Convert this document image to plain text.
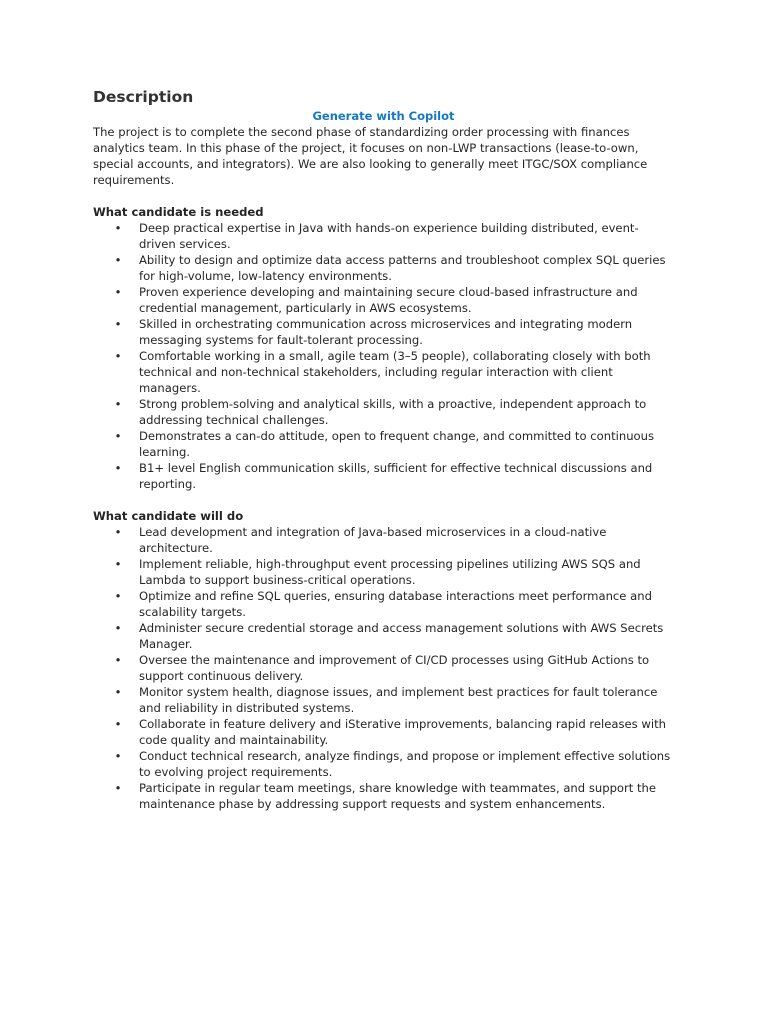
Description
Generate with Copilot

The project is to complete the second phase of standardizing order processing with finances analytics team. In this phase of the project, it focuses on non-LWP transactions (lease-to-own, special accounts, and integrators). We are also looking to generally meet ITGC/SOX compliance requirements.

What candidate is needed

• Deep practical expertise in Java with hands-on experience building distributed, event-driven services.
• Ability to design and optimize data access patterns and troubleshoot complex SQL queries for high-volume, low-latency environments.
• Proven experience developing and maintaining secure cloud-based infrastructure and credential management, particularly in AWS ecosystems.
• Skilled in orchestrating communication across microservices and integrating modern messaging systems for fault-tolerant processing.
• Comfortable working in a small, agile team (3–5 people), collaborating closely with both technical and non-technical stakeholders, including regular interaction with client managers.
• Strong problem-solving and analytical skills, with a proactive, independent approach to addressing technical challenges.
• Demonstrates a can-do attitude, open to frequent change, and committed to continuous learning.
• B1+ level English communication skills, sufficient for effective technical discussions and reporting.

What candidate will do

• Lead development and integration of Java-based microservices in a cloud-native architecture.
• Implement reliable, high-throughput event processing pipelines utilizing AWS SQS and Lambda to support business-critical operations.
• Optimize and refine SQL queries, ensuring database interactions meet performance and scalability targets.
• Administer secure credential storage and access management solutions with AWS Secrets Manager.
• Oversee the maintenance and improvement of CI/CD processes using GitHub Actions to support continuous delivery.
• Monitor system health, diagnose issues, and implement best practices for fault tolerance and reliability in distributed systems.
• Collaborate in feature delivery and iSterative improvements, balancing rapid releases with code quality and maintainability.
• Conduct technical research, analyze findings, and propose or implement effective solutions to evolving project requirements.
• Participate in regular team meetings, share knowledge with teammates, and support the maintenance phase by addressing support requests and system enhancements.
